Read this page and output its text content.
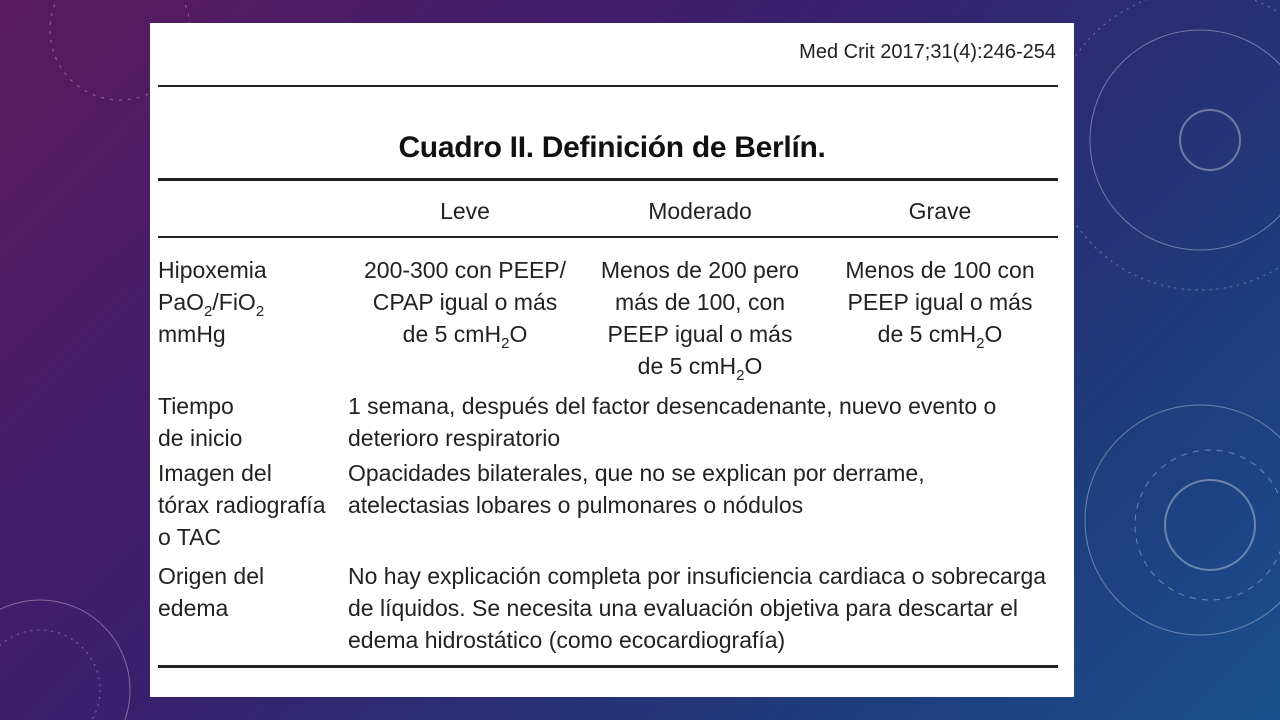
Med Crit 2017;31(4):246-254
Cuadro II. Definición de Berlín.
Leve	Moderado	Grave
Hipoxemia
PaO$_2$/FiO$_2$
mmHg
200-300 con PEEP/
CPAP igual o más
de 5 cmH$_2$O
Menos de 200 pero
más de 100, con
PEEP igual o más
de 5 cmH$_2$O
Menos de 100 con
PEEP igual o más
de 5 cmH$_2$O
Tiempo
de inicio
1 semana, después del factor desencadenante, nuevo evento o
deterioro respiratorio
Imagen del
tórax radiografía
o TAC
Opacidades bilaterales, que no se explican por derrame,
atelectasias lobares o pulmonares o nódulos
Origen del
edema
No hay explicación completa por insuficiencia cardiaca o sobrecarga
de líquidos. Se necesita una evaluación objetiva para descartar el
edema hidrostático (como ecocardiografía)
